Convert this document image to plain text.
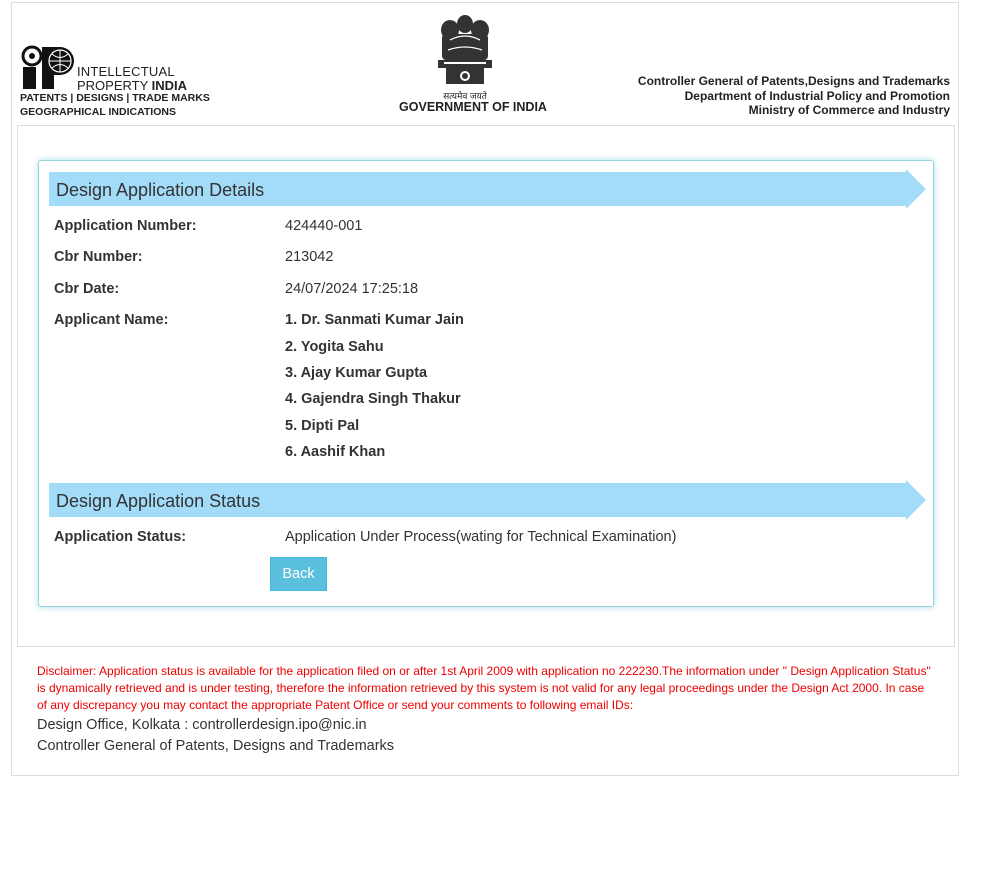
INTELLECTUAL
PROPERTY INDIA
PATENTS | DESIGNS | TRADE MARKS
GEOGRAPHICAL INDICATIONS
सत्यमेव जयते
GOVERNMENT OF INDIA
Controller General of Patents,Designs and Trademarks
Department of Industrial Policy and Promotion
Ministry of Commerce and Industry
Design Application Details
Application Number:	424440-001
Cbr Number:	213042
Cbr Date:	24/07/2024 17:25:18
Applicant Name:	1. Dr. Sanmati Kumar Jain
2. Yogita Sahu
3. Ajay Kumar Gupta
4. Gajendra Singh Thakur
5. Dipti Pal
6. Aashif Khan
Design Application Status
Application Status:	Application Under Process(wating for Technical Examination)
Back
Disclaimer: Application status is available for the application filed on or after 1st April 2009 with application no 222230.The information under " Design Application Status" is dynamically retrieved and is under testing, therefore the information retrieved by this system is not valid for any legal proceedings under the Design Act 2000. In case of any discrepancy you may contact the appropriate Patent Office or send your comments to following email IDs:
Design Office, Kolkata : controllerdesign.ipo@nic.in
Controller General of Patents, Designs and Trademarks
